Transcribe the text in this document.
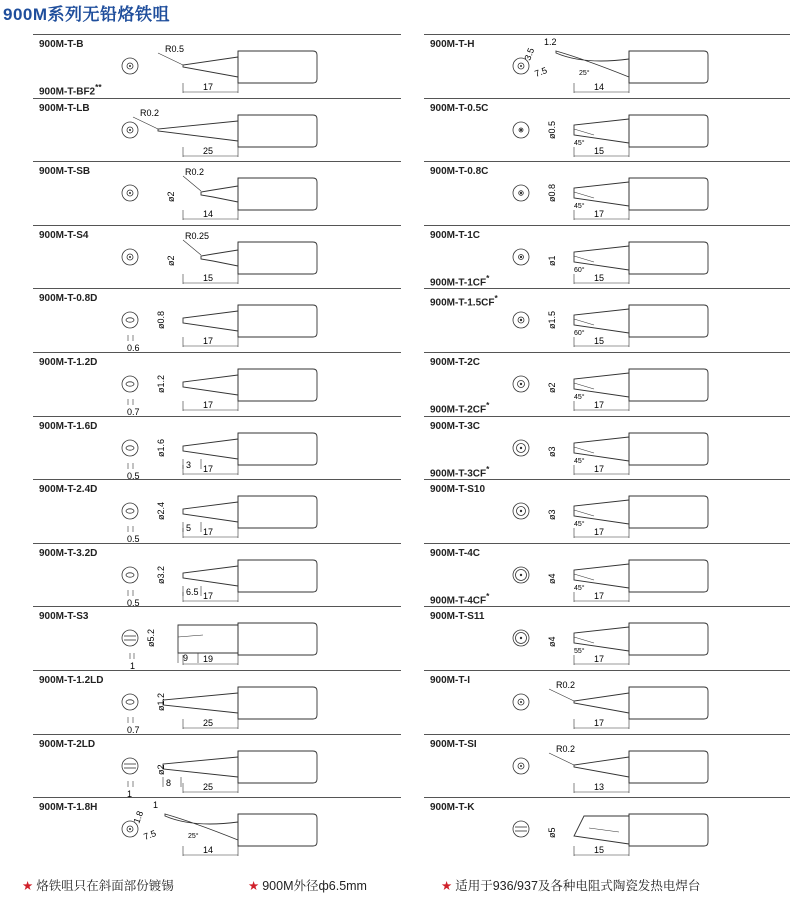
900M系列无铅烙铁咀
R0.5
17
900M-T-B
900M-T-BF2**
R0.2
25
900M-T-LB
R0.2
ø2
14
900M-T-SB
R0.25
ø2
15
900M-T-S4
ø0.8
0.6
17
900M-T-0.8D
ø1.2
0.7
17
900M-T-1.2D
ø1.6
0.5
3 17
900M-T-1.6D
ø2.4
0.5
5 17
900M-T-2.4D
ø3.2
0.5
6.5 17
900M-T-3.2D
ø5.2
1
9 19
900M-T-S3
ø1.2
0.7
25
900M-T-1.2LD
ø2
1
8	25
900M-T-2LD
1
1.8
7.5	25°
14
900M-T-1.8H
1.2
3.5
7.5	25°
14
900M-T-H
45°
ø0.5
15
900M-T-0.5C
45°
ø0.8
17
900M-T-0.8C
60°
ø1
15
900M-T-1C
900M-T-1CF*
60°
ø1.5
15
900M-T-1.5CF*
45°
ø2
17
900M-T-2C
900M-T-2CF*
45°
ø3
17
900M-T-3C
900M-T-3CF*
45°
ø3
17
900M-T-S10
45°
ø4
17
900M-T-4C
900M-T-4CF*
55°
ø4
17
900M-T-S11
R0.2
17
900M-T-I
R0.2
13
900M-T-SI
ø5
15
900M-T-K
★ 烙铁咀只在斜面部份镀锡	★ 900M外径ф6.5mm	★ 适用于936/937及各种电阻式陶瓷发热电焊台
